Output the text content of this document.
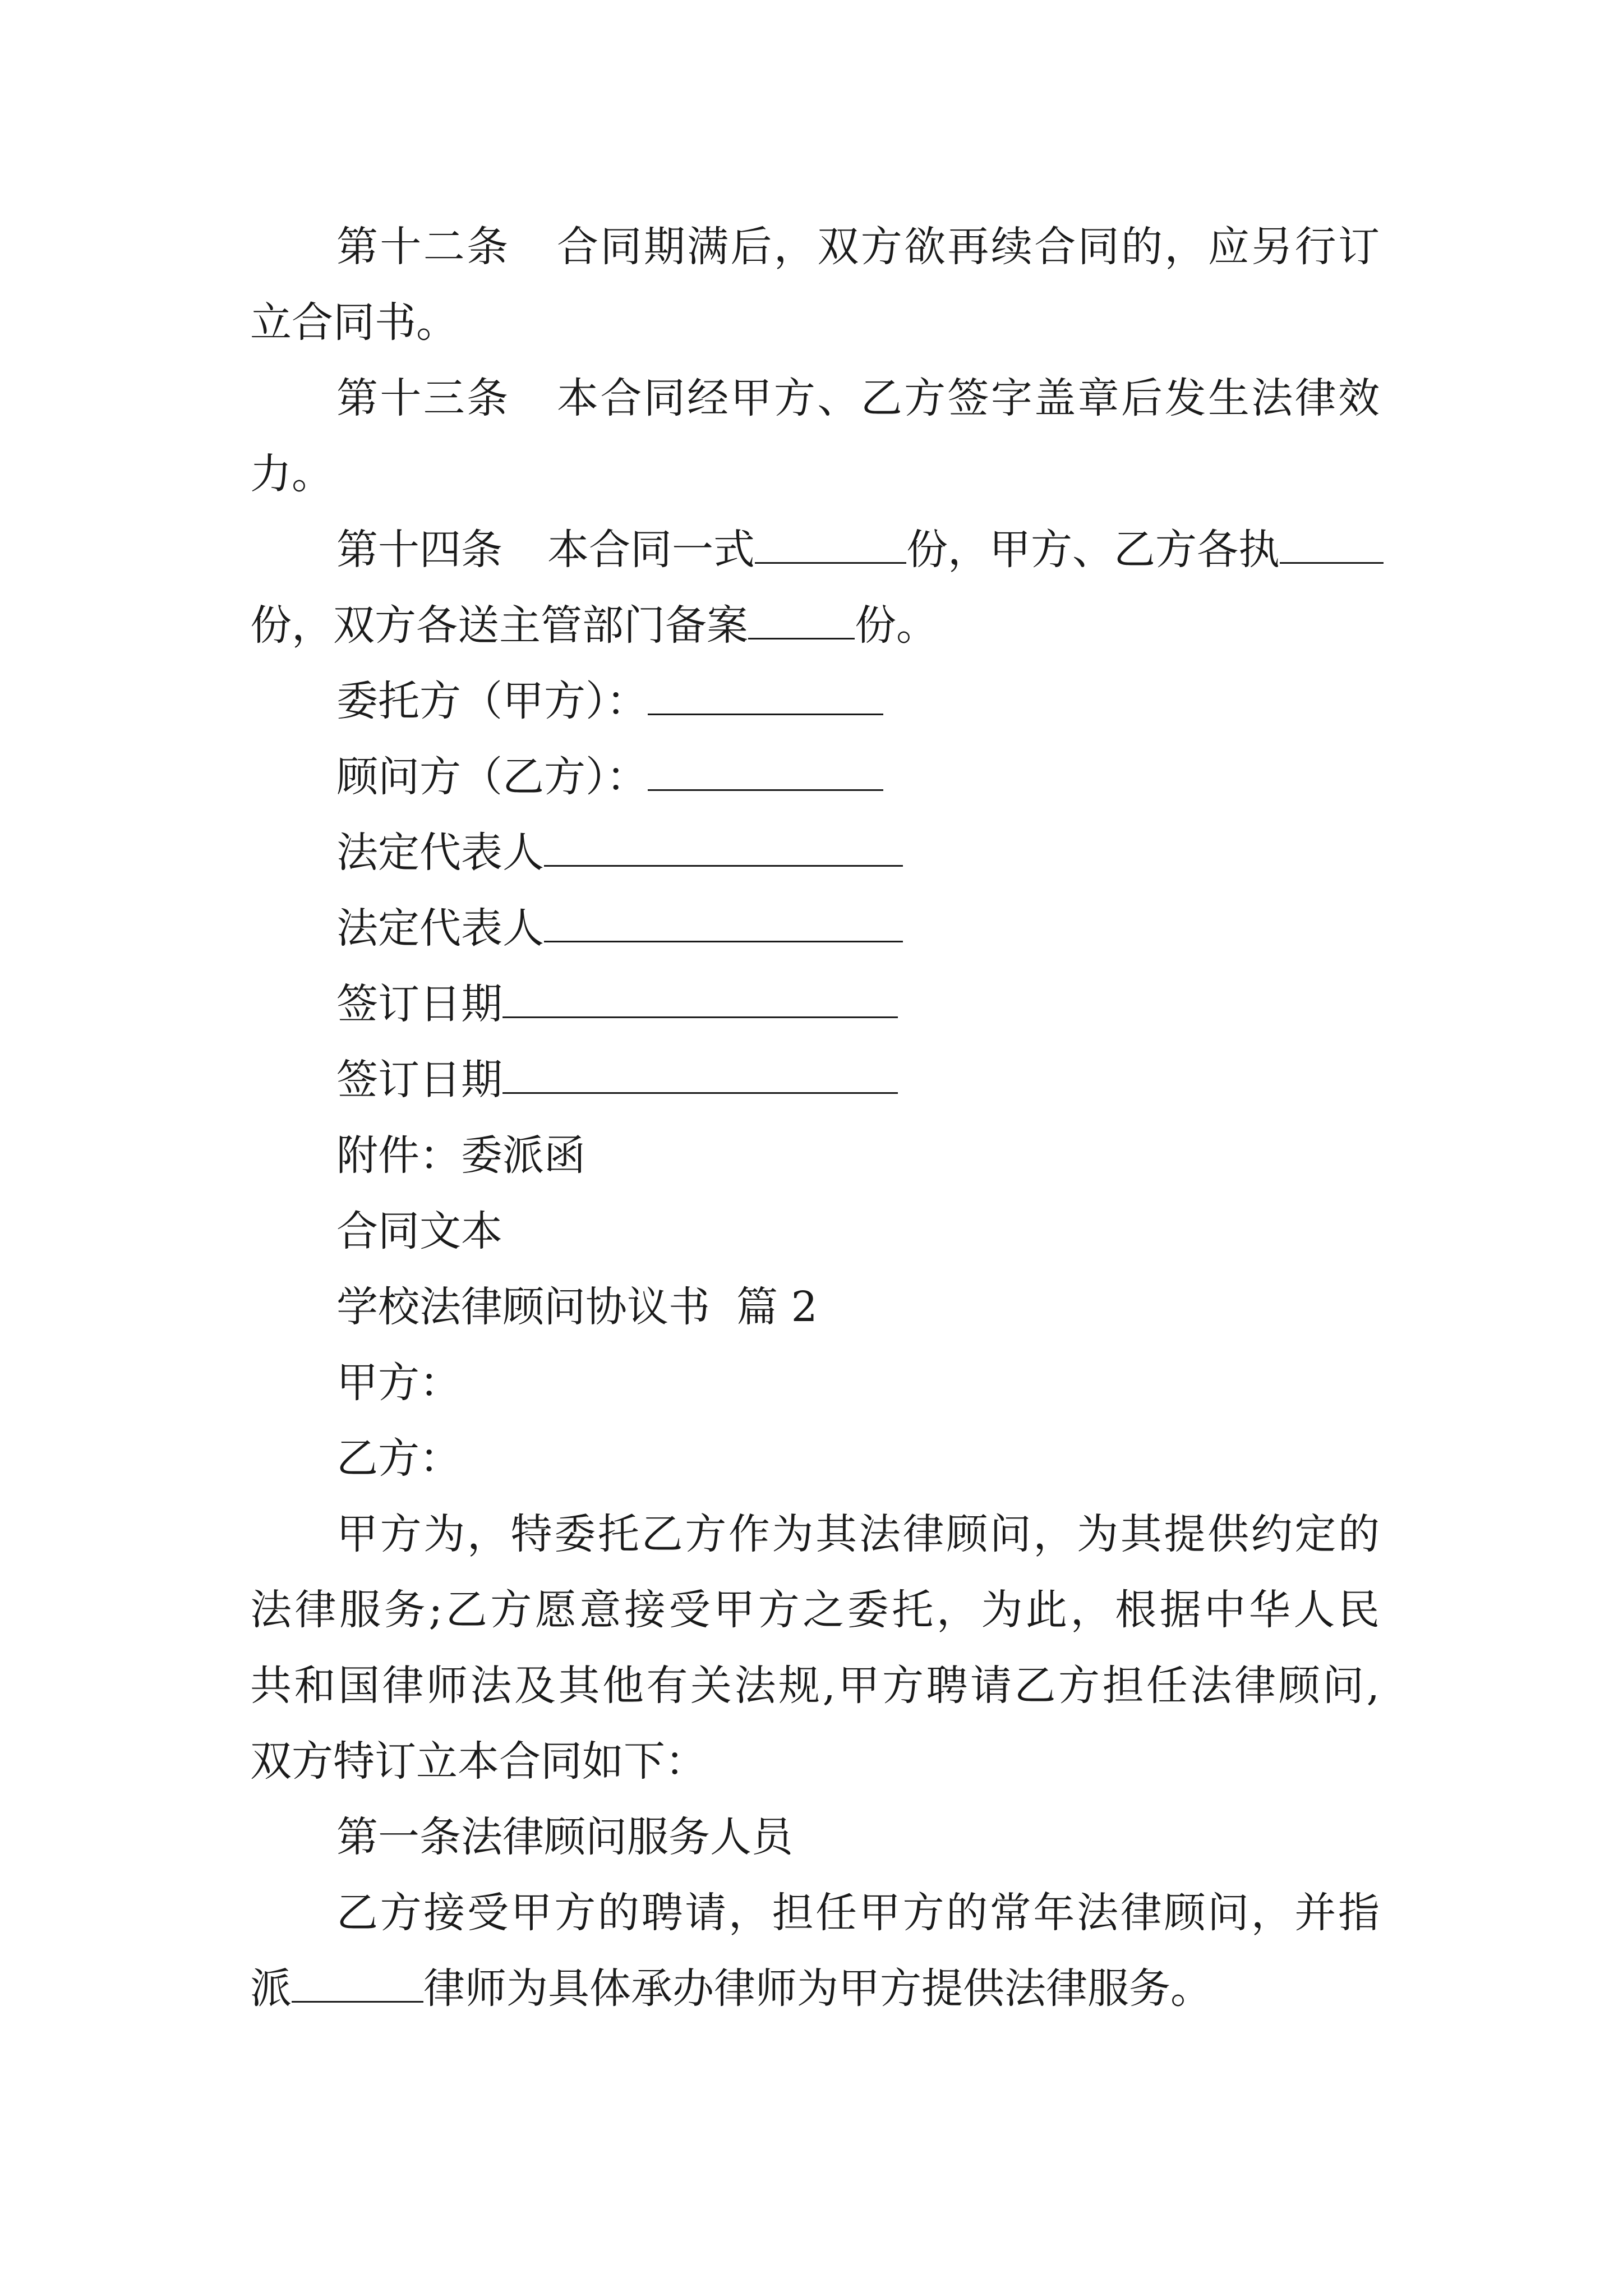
第十二条 合同期满后，双方欲再续合同的，应另行订
立合同书。
第十三条 本合同经甲方、乙方签字盖章后发生法律效
力。
第十四条 本合同一式	份，甲方、乙方各执
份，双方各送主管部门备案	份。
委托方（甲方）：
顾问方（乙方）：
法定代表人
法定代表人
签订日期
签订日期
附件：委派函
合同文本
学校法律顾问协议书  篇 2
甲方：
乙方：
甲方为，特委托乙方作为其法律顾问，为其提供约定的
法律服务;乙方愿意接受甲方之委托，为此，根据中华人民
共和国律师法及其他有关法规,甲方聘请乙方担任法律顾问,
双方特订立本合同如下：
第一条法律顾问服务人员
乙方接受甲方的聘请，担任甲方的常年法律顾问，并指
派	律师为具体承办律师为甲方提供法律服务。
